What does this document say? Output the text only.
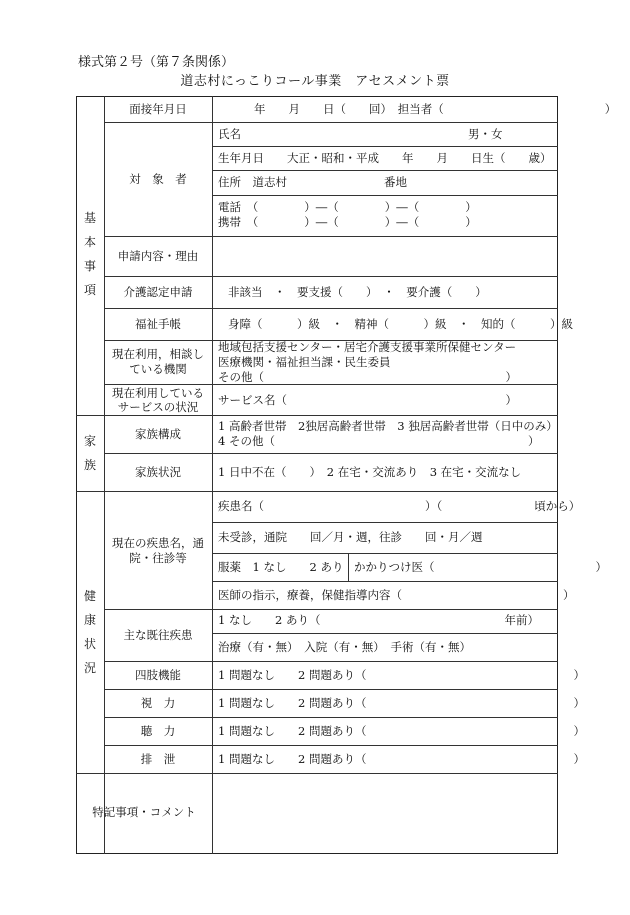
様式第２号（第７条関係）
道志村にっこりコール事業　アセスメント票
基
本
事
項
家
族
健
康
状
況
面接年月日
対　象　者
申請内容・理由
介護認定申請
福祉手帳
現在利用，相談し
ている機関
現在利用している
サービスの状況
家族構成
家族状況
現在の疾患名，通
院・往診等
主な既往疾患
四肢機能
視　力
聴　力
排　泄
特記事項・コメント
年　　月　　日（　　回）　担当者（　　　　　　　　　　　　　　）
氏名	男・女
生年月日　　大正・昭和・平成　　年　　月　　日生（　　歳）
住所　道志村	番地
電話　（　　　　）―（　　　　）―（　　　　）
携帯　（　　　　）―（　　　　）―（　　　　）
非該当　・　要支援（　　）　・　要介護（　　）
身障（　　　）級　・　精神（　　　）級　・　知的（　　　）級
地域包括支援センター・居宅介護支援事業所保健センター
医療機関・福祉担当課・民生委員
その他（　　　　　　　　　　　　　　　　　　　　　）
サービス名（　　　　　　　　　　　　　　　　　　　）
1 高齢者世帯　2独居高齢者世帯　3 独居高齢者世帯（日中のみ）
4 その他（　　　　　　　　　　　　　　　　　　　　　　）
1 日中不在（　　）　2 在宅・交流あり　3 在宅・交流なし
疾患名（　　　　　　　　　　　　　　）（　　　　　　　　頃から）
未受診，通院　　回／月・週，往診　　回・月／週
服薬　1 なし　　2 あり かかりつけ医（　　　　　　　　　　　　　　）
医師の指示，療養，保健指導内容（　　　　　　　　　　　　　　）
1 なし　　2 あり（　　　　　　　　　　　　　　　　年前）
治療（有・無）　入院（有・無）　手術（有・無）
1 問題なし　　2 問題あり（　　　　　　　　　　　　　　　　　　）
1 問題なし　　2 問題あり（　　　　　　　　　　　　　　　　　　）
1 問題なし　　2 問題あり（　　　　　　　　　　　　　　　　　　）
1 問題なし　　2 問題あり（　　　　　　　　　　　　　　　　　　）
